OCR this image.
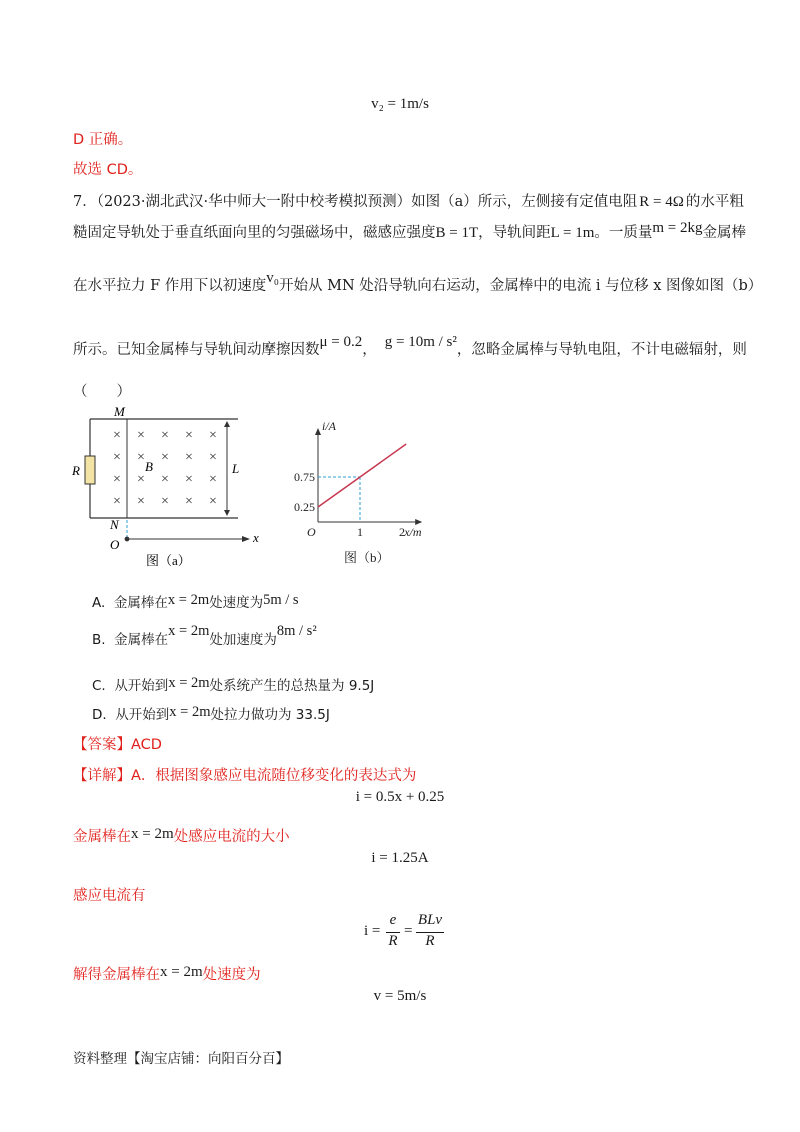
v₂ = 1m/s
D 正确。
故选 CD。
7．（2023·湖北武汉·华中师大一附中校考模拟预测）如图（a）所示，左侧接有定值电阻 R = 4Ω 的水平粗
糙固定导轨处于垂直纸面向里的匀强磁场中，磁感应强度B = 1T，导轨间距L = 1m。一质量m = 2kg金属棒
在水平拉力 F 作用下以初速度v₀开始从 MN 处沿导轨向右运动，金属棒中的电流 i 与位移 x 图像如图（b）
所示。已知金属棒与导轨间动摩擦因数μ = 0.2， g = 10m / s²，忽略金属棒与导轨电阻，不计电磁辐射，则
（　　）
× × × × ×
× × × × ×
× × × × ×
× × × × ×
M
N
R	B	L
O	x
图（a）
1	2
0.25
0.75
O
i/A
x/m
图（b）
A. 金属棒在x = 2m处速度为5m / s
B. 金属棒在x = 2m处加速度为8m / s²
C. 从开始到x = 2m处系统产生的总热量为 9.5J
D. 从开始到x = 2m处拉力做功为 33.5J
【答案】ACD
【详解】A．根据图象感应电流随位移变化的表达式为
i = 0.5x + 0.25
金属棒在x = 2m处感应电流的大小
i = 1.25A
感应电流有
i =
e
R
=
BLv
R
解得金属棒在x = 2m处速度为
v = 5m/s
资料整理【淘宝店铺：向阳百分百】
